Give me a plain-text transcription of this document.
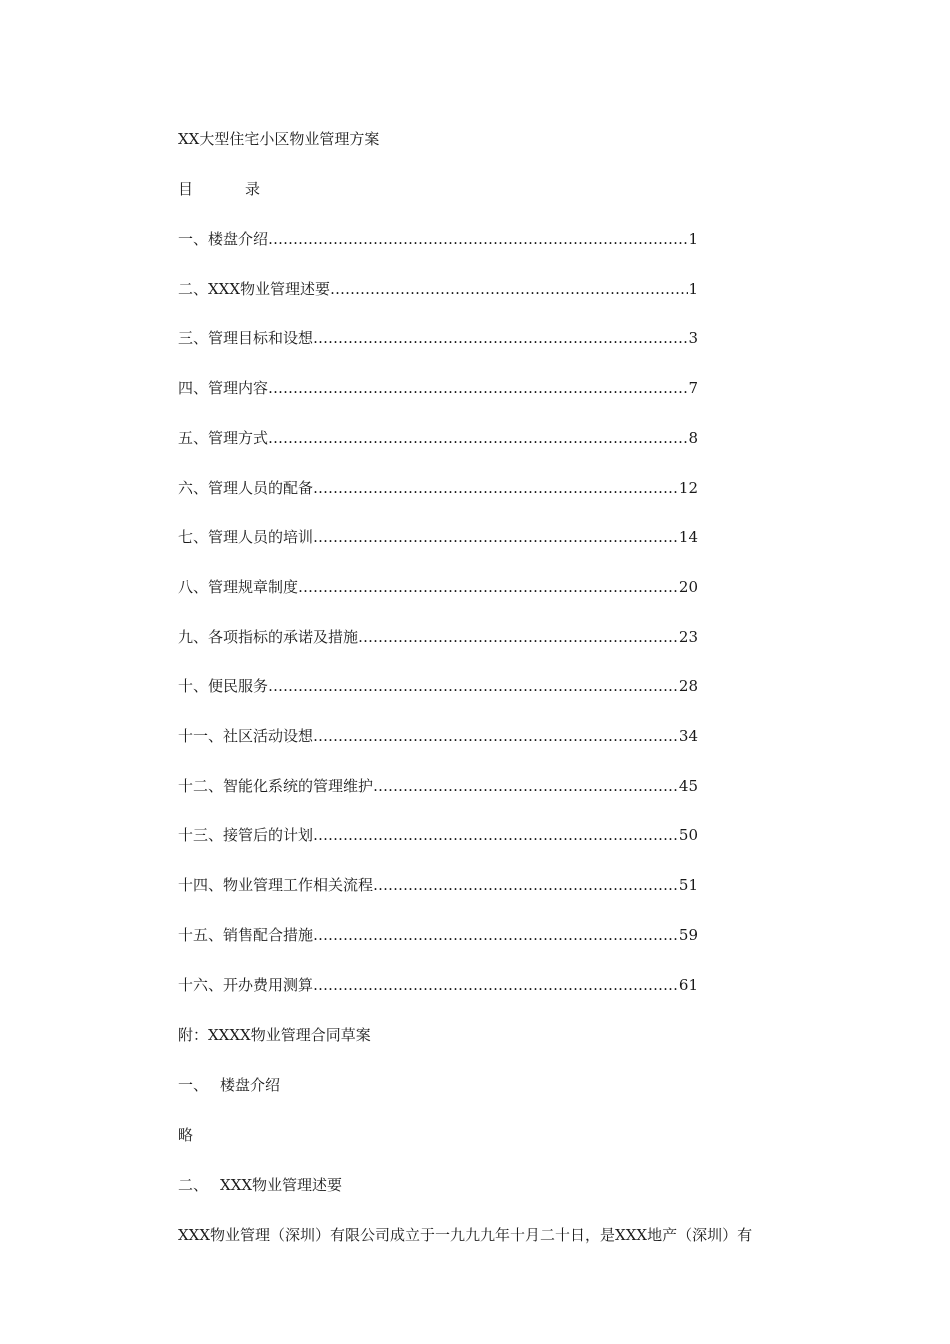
XX大型住宅小区物业管理方案
目	录
一、楼盘介绍 ……………………………………………………………………………………………………………………………………………………………………	1
二、XXX物业管理述要 ……………………………………………………………………………………………………………………………………………………………………	1
三、管理目标和设想 ……………………………………………………………………………………………………………………………………………………………………	3
四、管理内容 ……………………………………………………………………………………………………………………………………………………………………	7
五、管理方式 ……………………………………………………………………………………………………………………………………………………………………	8
六、管理人员的配备 ……………………………………………………………………………………………………………………………………………………………………	12
七、管理人员的培训 ……………………………………………………………………………………………………………………………………………………………………	14
八、管理规章制度 ……………………………………………………………………………………………………………………………………………………………………	20
九、各项指标的承诺及措施 ……………………………………………………………………………………………………………………………………………………………………	23
十、便民服务 ……………………………………………………………………………………………………………………………………………………………………	28
十一、社区活动设想 ……………………………………………………………………………………………………………………………………………………………………	34
十二、智能化系统的管理维护 ……………………………………………………………………………………………………………………………………………………………………	45
十三、接管后的计划 ……………………………………………………………………………………………………………………………………………………………………	50
十四、物业管理工作相关流程 ……………………………………………………………………………………………………………………………………………………………………	51
十五、销售配合措施 ……………………………………………………………………………………………………………………………………………………………………	59
十六、开办费用测算 ……………………………………………………………………………………………………………………………………………………………………	61
附：XXXX物业管理合同草案
一、 楼盘介绍
略
二、 XXX物业管理述要
XXX物业管理（深圳）有限公司成立于一九九九年十月二十日，是XXX地产（深圳）有
